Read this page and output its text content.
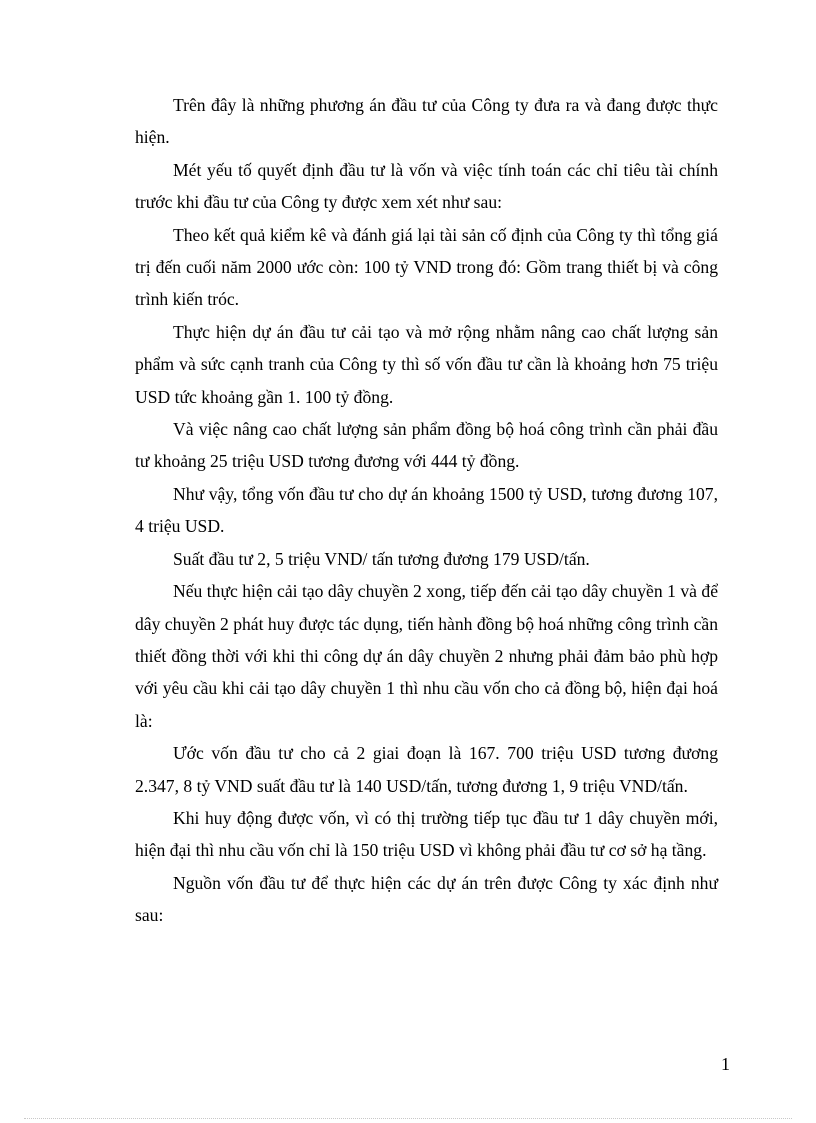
Trên đây là những phương án đầu tư của Công ty đưa ra và đang được thực hiện.

Mét yếu tố quyết định đầu tư là vốn và việc tính toán các chỉ tiêu tài chính trước khi đầu tư của Công ty được xem xét như sau:

Theo kết quả kiểm kê và đánh giá lại tài sản cố định của Công ty thì tổng giá trị đến cuối năm 2000 ước còn: 100 tỷ VND trong đó: Gồm trang thiết bị và công trình kiến tróc.

Thực hiện dự án đầu tư cải tạo và mở rộng nhằm nâng cao chất lượng sản phẩm và sức cạnh tranh của Công ty thì số vốn đầu tư cần là khoảng hơn 75 triệu USD tức khoảng gần 1. 100 tỷ đồng.

Và việc nâng cao chất lượng sản phẩm đồng bộ hoá công trình cần phải đầu tư khoảng 25 triệu USD tương đương với 444 tỷ đồng.

Như vậy, tổng vốn đầu tư cho dự án khoảng 1500 tỷ USD, tương đương 107, 4 triệu USD.

Suất đầu tư 2, 5 triệu VND/ tấn tương đương 179 USD/tấn.

Nếu thực hiện cải tạo dây chuyền 2 xong, tiếp đến cải tạo dây chuyền 1 và để dây chuyền 2 phát huy được tác dụng, tiến hành đồng bộ hoá những công trình cần thiết đồng thời với khi thi công dự án dây chuyền 2 nhưng phải đảm bảo phù hợp với yêu cầu khi cải tạo dây chuyền 1 thì nhu cầu vốn cho cả đồng bộ, hiện đại hoá là:

Ước vốn đầu tư cho cả 2 giai đoạn là 167. 700 triệu USD tương đương 2.347, 8 tỷ VND suất đầu tư là 140 USD/tấn, tương đương 1, 9 triệu VND/tấn.

Khi huy động được vốn, vì có thị trường tiếp tục đầu tư 1 dây chuyền mới, hiện đại thì nhu cầu vốn chỉ là 150 triệu USD vì không phải đầu tư cơ sở hạ tầng.

Nguồn vốn đầu tư để thực hiện các dự án trên được Công ty xác định như sau:

1
